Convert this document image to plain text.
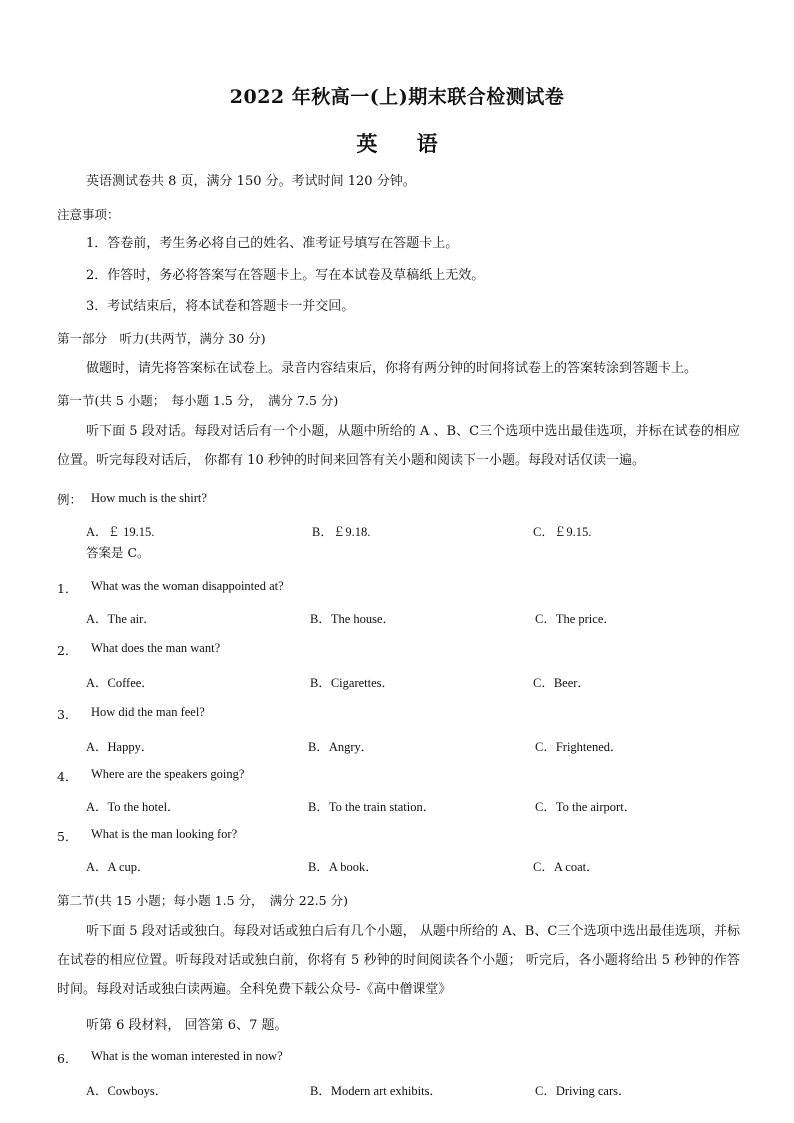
2022 年秋高一(上)期末联合检测试卷
英 语
英语测试卷共 8 页，满分 150 分。考试时间 120 分钟。
注意事项：
1．答卷前，考生务必将自己的姓名、准考证号填写在答题卡上。
2．作答时，务必将答案写在答题卡上。写在本试卷及草稿纸上无效。
3．考试结束后，将本试卷和答题卡一并交回。
第一部分　听力(共两节，满分 30 分)
做题时，请先将答案标在试卷上。录音内容结束后，你将有两分钟的时间将试卷上的答案转涂到答题卡上。
第一节(共 5 小题；　每小题 1.5 分，　满分 7.5 分)
听下面 5 段对话。每段对话后有一个小题，从题中所给的 A 、B、C三个选项中选出最佳选项，并标在试卷的相应位置。听完每段对话后， 你都有 10 秒钟的时间来回答有关小题和阅读下一小题。每段对话仅读一遍。
例： How much is the shirt?
A．￡ 19.15.	B．￡9.18.	C．￡9.15.
答案是 C。
1． What was the woman disappointed at?
A．The air．	B．The house．	C．The price．
2． What does the man want?
A．Coffee．	B．Cigarettes．	C．Beer．
3． How did the man feel?
A．Happy．	B．Angry．	C．Frightened．
4． Where are the speakers going?
A．To the hotel．	B．To the train station．	C．To the airport．
5． What is the man looking for?
A．A cup．	B．A book．	C．A coat．
第二节(共 15 小题；每小题 1.5 分，　满分 22.5 分)
听下面 5 段对话或独白。每段对话或独白后有几个小题， 从题中所给的 A、B、C三个选项中选出最佳选项，并标在试卷的相应位置。听每段对话或独白前，你将有 5 秒钟的时间阅读各个小题； 听完后，各小题将给出 5 秒钟的作答时间。每段对话或独白读两遍。全科免费下载公众号-《高中僧课堂》
听第 6 段材料， 回答第 6、7 题。
6． What is the woman interested in now?
A．Cowboys．	B．Modern art exhibits．	C．Driving cars．
